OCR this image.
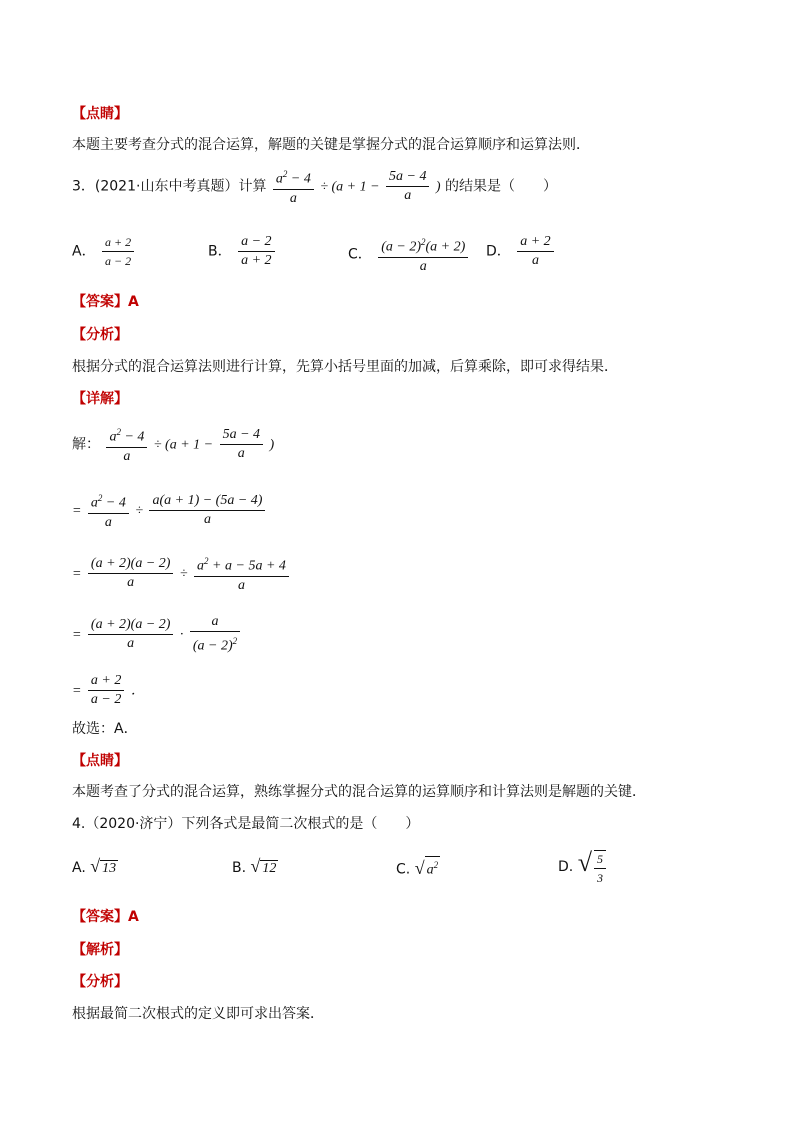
【点睛】
本题主要考查分式的混合运算，解题的关键是掌握分式的混合运算顺序和运算法则．
3．(2021·山东中考真题）计算 $\frac{a^2 - 4}{a} \div (a + 1 - \frac{5a - 4}{a}$ ) 的结果是（　　）
A． $\frac{a + 2}{a - 2}$	B． $\frac{a - 2}{a + 2}$	C． $\frac{(a - 2)^2(a + 2)}{a}$ D． $\frac{a + 2}{a}$
【答案】A
【分析】
根据分式的混合运算法则进行计算，先算小括号里面的加减，后算乘除，即可求得结果．
【详解】
解： $\frac{a^2 - 4}{a} \div (a + 1 - \frac{5a - 4}{a}$ )
= $\frac{a^2 - 4}{a} \div \frac{a(a + 1) - (5a - 4)}{a}$
= $\frac{(a + 2)(a - 2)}{a} \div \frac{a^2 + a - 5a + 4}{a}$
= $\frac{(a + 2)(a - 2)}{a} \cdot \frac{a}{(a - 2)^2}$
= $\frac{a + 2}{a - 2}$ ．
故选：A．
【点睛】
本题考查了分式的混合运算，熟练掌握分式的混合运算的运算顺序和计算法则是解题的关键．
4.（2020·济宁）下列各式是最简二次根式的是（　　）
A. √ 13	B. √ 12	C. √ $a^2$	D. √ $\frac{5}{3}$
【答案】A
【解析】
【分析】
根据最简二次根式的定义即可求出答案．
